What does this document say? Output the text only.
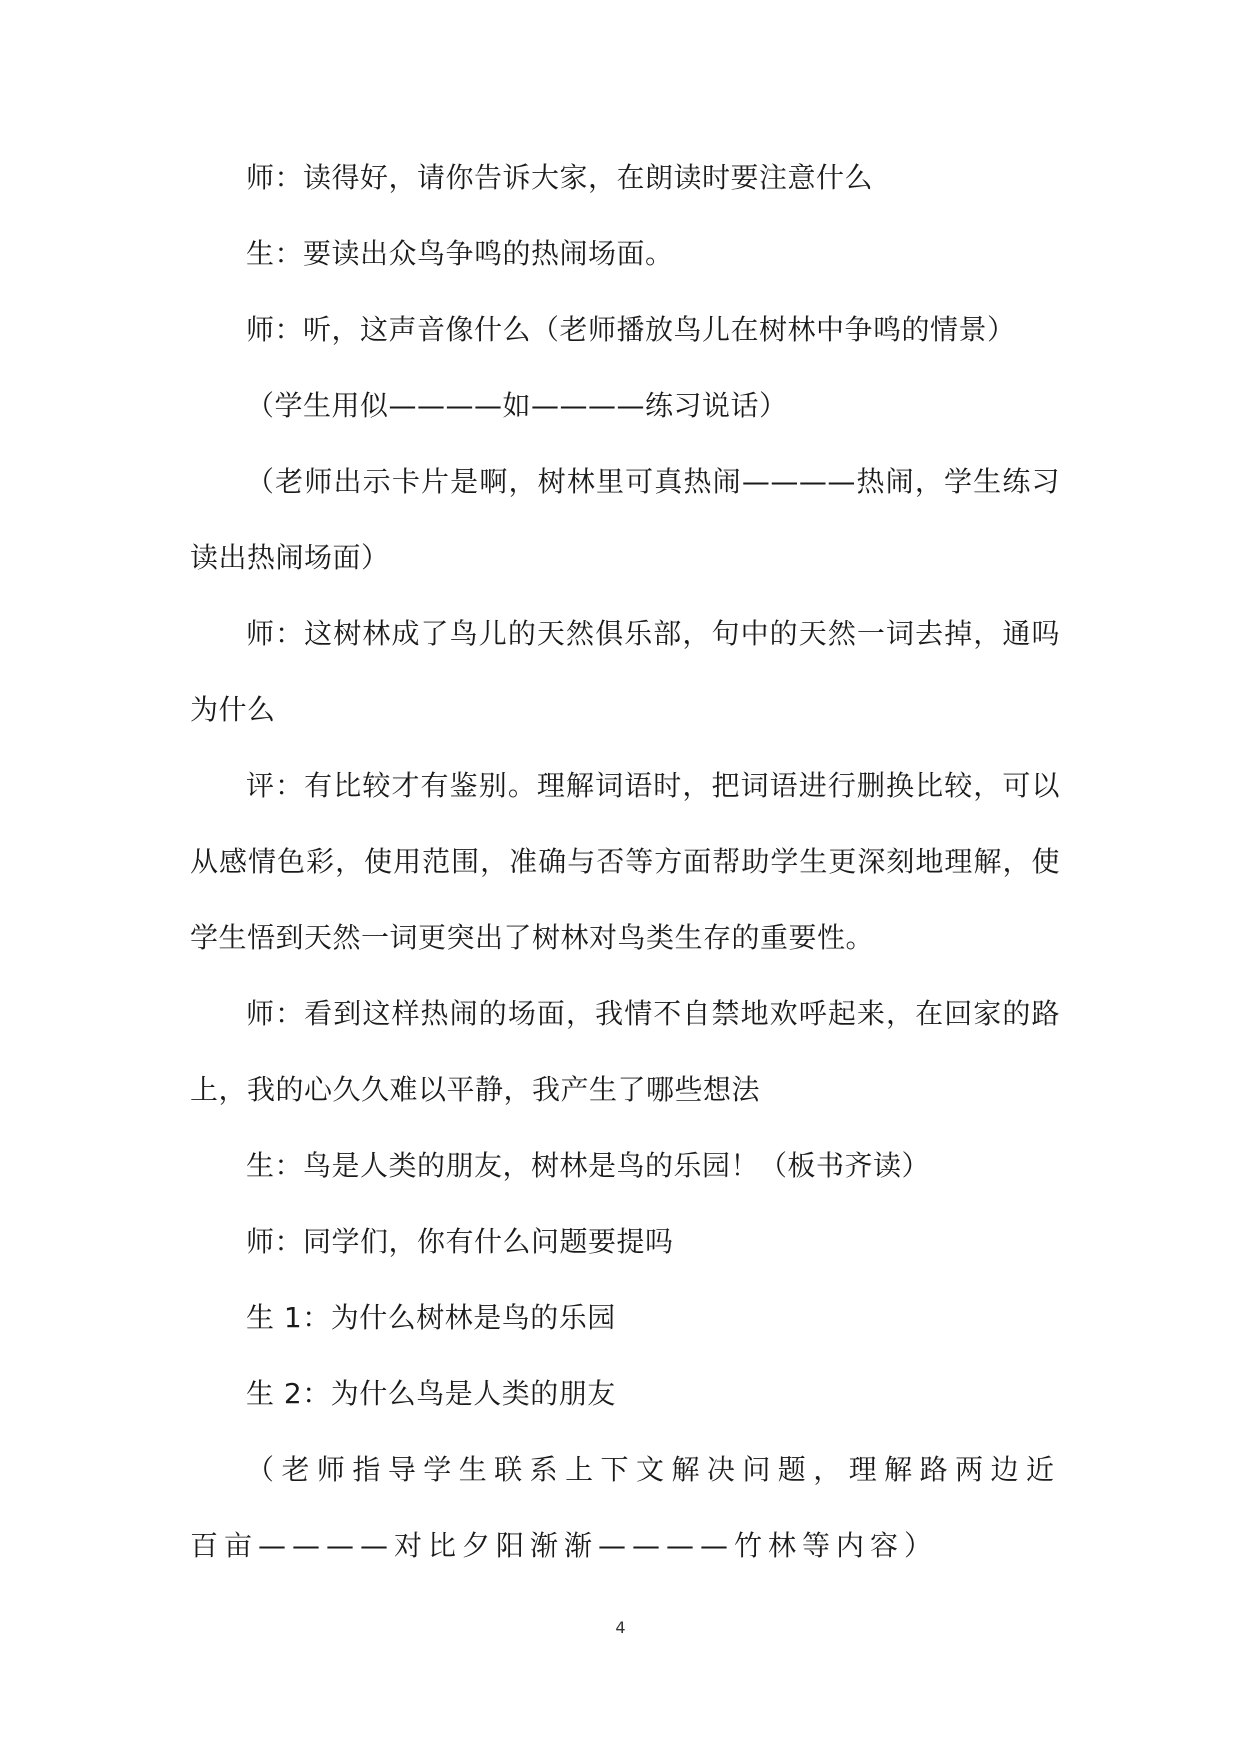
师：读得好，请你告诉大家，在朗读时要注意什么

生：要读出众鸟争鸣的热闹场面。

师：听，这声音像什么（老师播放鸟儿在树林中争鸣的情景）

（学生用似————如————练习说话）

（老师出示卡片是啊，树林里可真热闹————热闹，学生练习读出热闹场面）

师：这树林成了鸟儿的天然俱乐部，句中的天然一词去掉，通吗为什么

评：有比较才有鉴别。理解词语时，把词语进行删换比较，可以从感情色彩，使用范围，准确与否等方面帮助学生更深刻地理解，使学生悟到天然一词更突出了树林对鸟类生存的重要性。

师：看到这样热闹的场面，我情不自禁地欢呼起来，在回家的路上，我的心久久难以平静，我产生了哪些想法

生：鸟是人类的朋友，树林是鸟的乐园！（板书齐读）

师：同学们，你有什么问题要提吗

生 1：为什么树林是鸟的乐园

生 2：为什么鸟是人类的朋友

（老师指导学生联系上下文解决问题，理解路两边近百亩————对比夕阳渐渐————竹林等内容）

4
